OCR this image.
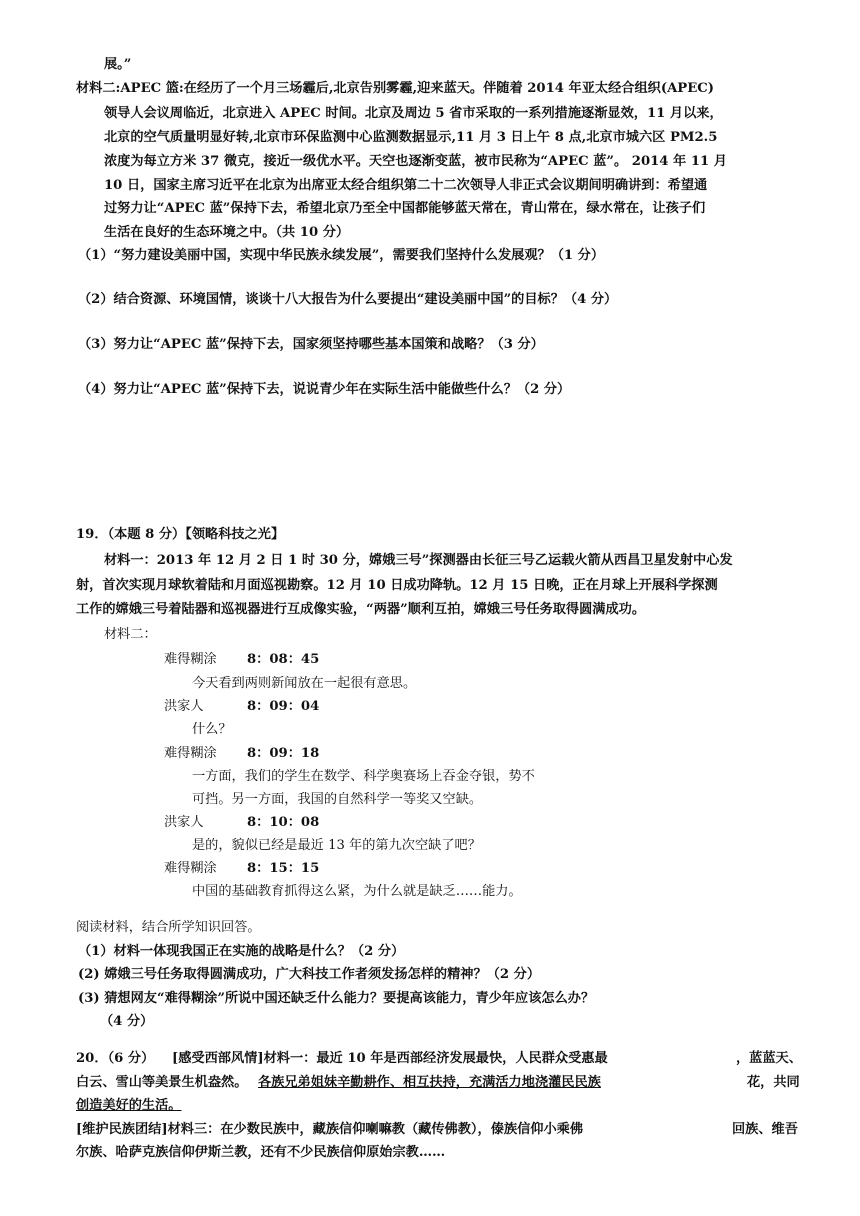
展。”
材料二:APEC 篮:在经历了一个月三场霾后,北京告别雾霾,迎来蓝天。伴随着 2014 年亚太经合组织(APEC)
领导人会议周临近，北京进入 APEC 时间。北京及周边 5 省市采取的一系列措施逐渐显效，11 月以来，
北京的空气质量明显好转,北京市环保监测中心监测数据显示,11 月 3 日上午 8 点,北京市城六区 PM2.5
浓度为每立方米 37 微克，接近一级优水平。天空也逐渐变蓝，被市民称为“APEC 蓝”。 2014 年 11 月
10 日，国家主席习近平在北京为出席亚太经合组织第二十二次领导人非正式会议期间明确讲到：希望通
过努力让“APEC 蓝”保持下去，希望北京乃至全中国都能够蓝天常在，青山常在，绿水常在，让孩子们
生活在良好的生态环境之中。（共 10 分）
（1）“努力建设美丽中国，实现中华民族永续发展”，需要我们坚持什么发展观？（1 分）
（2）结合资源、环境国情，谈谈十八大报告为什么要提出“建设美丽中国”的目标？（4 分）
（3）努力让“APEC 蓝”保持下去，国家须坚持哪些基本国策和战略？（3 分）
（4）努力让“APEC 蓝”保持下去，说说青少年在实际生活中能做些什么？（2 分）
19．（本题 8 分）【领略科技之光】
材料一：2013 年 12 月 2 日 1 时 30 分，嫦娥三号”探测器由长征三号乙运载火箭从西昌卫星发射中心发
射，首次实现月球软着陆和月面巡视勘察。12 月 10 日成功降轨。12 月 15 日晚，正在月球上开展科学探测
工作的嫦娥三号着陆器和巡视器进行互成像实验，“两器”顺利互拍，嫦娥三号任务取得圆满成功。
材料二：
难得糊涂 8：08：45
今天看到两则新闻放在一起很有意思。
洪家人	8：09：04
什么？
难得糊涂 8：09：18
一方面，我们的学生在数学、科学奥赛场上吞金夺银，势不
可挡。另一方面，我国的自然科学一等奖又空缺。
洪家人	8：10：08
是的，貌似已经是最近 13 年的第九次空缺了吧？
难得糊涂 8：15：15
中国的基础教育抓得这么紧，为什么就是缺乏……能力。
阅读材料，结合所学知识回答。
（1）材料一体现我国正在实施的战略是什么？（2 分）
(2) 嫦娥三号任务取得圆满成功，广大科技工作者须发扬怎样的精神？（2 分）
(3) 猜想网友“难得糊涂”所说中国还缺乏什么能力？要提高该能力，青少年应该怎么办？
（4 分）
20．（6 分） [感受西部风情]材料一：最近 10 年是西部经济发展最快，人民群众受惠最	，蓝蓝天、
白云、雪山等美景生机盎然。 各族兄弟姐妹辛勤耕作、相互扶持，充满活力地浇灌民民族	花，共同
创造美好的生活。
[维护民族团结]材料三：在少数民族中，藏族信仰喇嘛教（藏传佛教），傣族信仰小乘佛	回族、维吾
尔族、哈萨克族信仰伊斯兰教，还有不少民族信仰原始宗教……
